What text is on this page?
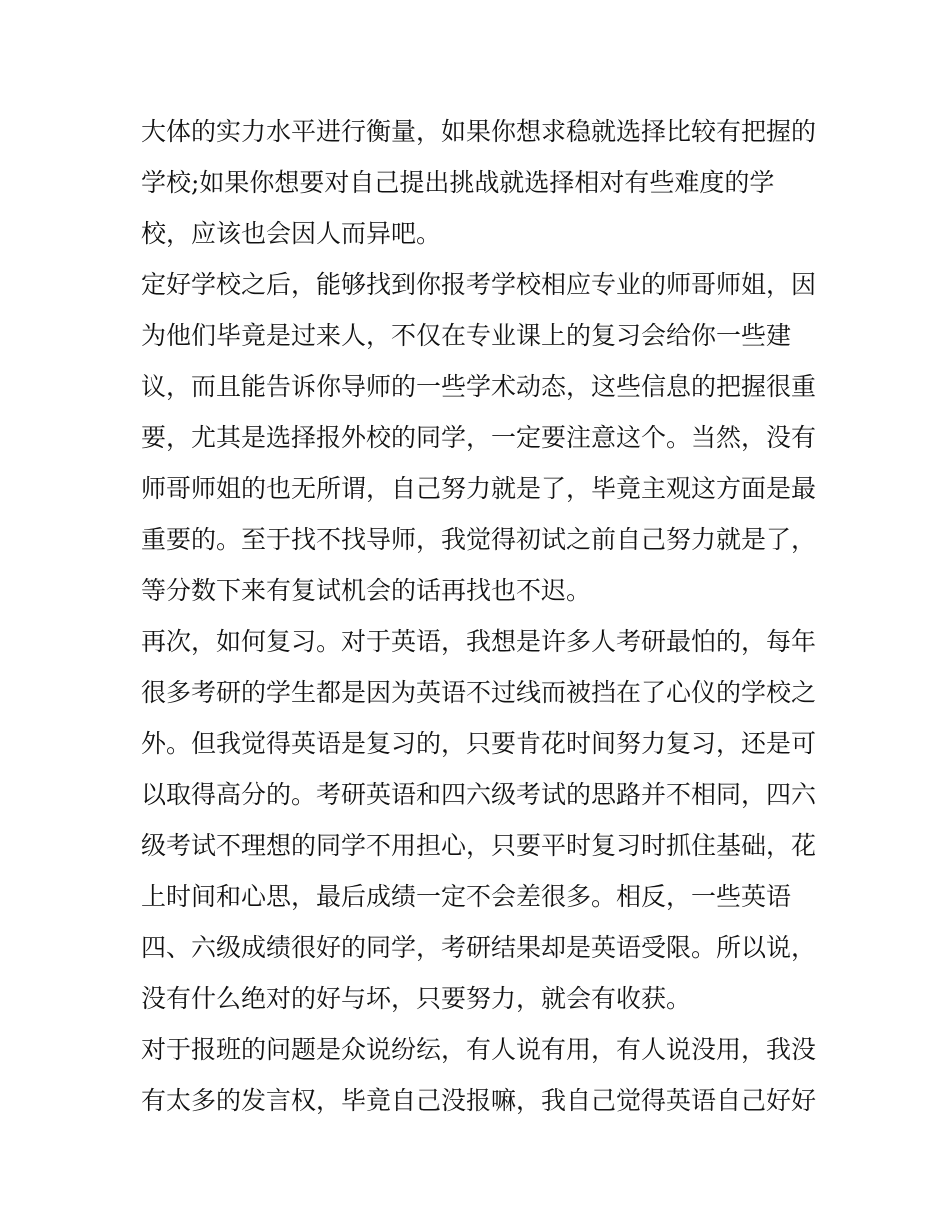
大体的实力水平进行衡量，如果你想求稳就选择比较有把握的
学校;如果你想要对自己提出挑战就选择相对有些难度的学
校，应该也会因人而异吧。
定好学校之后，能够找到你报考学校相应专业的师哥师姐，因
为他们毕竟是过来人，不仅在专业课上的复习会给你一些建
议，而且能告诉你导师的一些学术动态，这些信息的把握很重
要，尤其是选择报外校的同学，一定要注意这个。当然，没有
师哥师姐的也无所谓，自己努力就是了，毕竟主观这方面是最
重要的。至于找不找导师，我觉得初试之前自己努力就是了，
等分数下来有复试机会的话再找也不迟。
再次，如何复习。对于英语，我想是许多人考研最怕的，每年
很多考研的学生都是因为英语不过线而被挡在了心仪的学校之
外。但我觉得英语是复习的，只要肯花时间努力复习，还是可
以取得高分的。考研英语和四六级考试的思路并不相同，四六
级考试不理想的同学不用担心，只要平时复习时抓住基础，花
上时间和心思，最后成绩一定不会差很多。相反，一些英语
四、六级成绩很好的同学，考研结果却是英语受限。所以说，
没有什么绝对的好与坏，只要努力，就会有收获。
对于报班的问题是众说纷纭，有人说有用，有人说没用，我没
有太多的发言权，毕竟自己没报嘛，我自己觉得英语自己好好
